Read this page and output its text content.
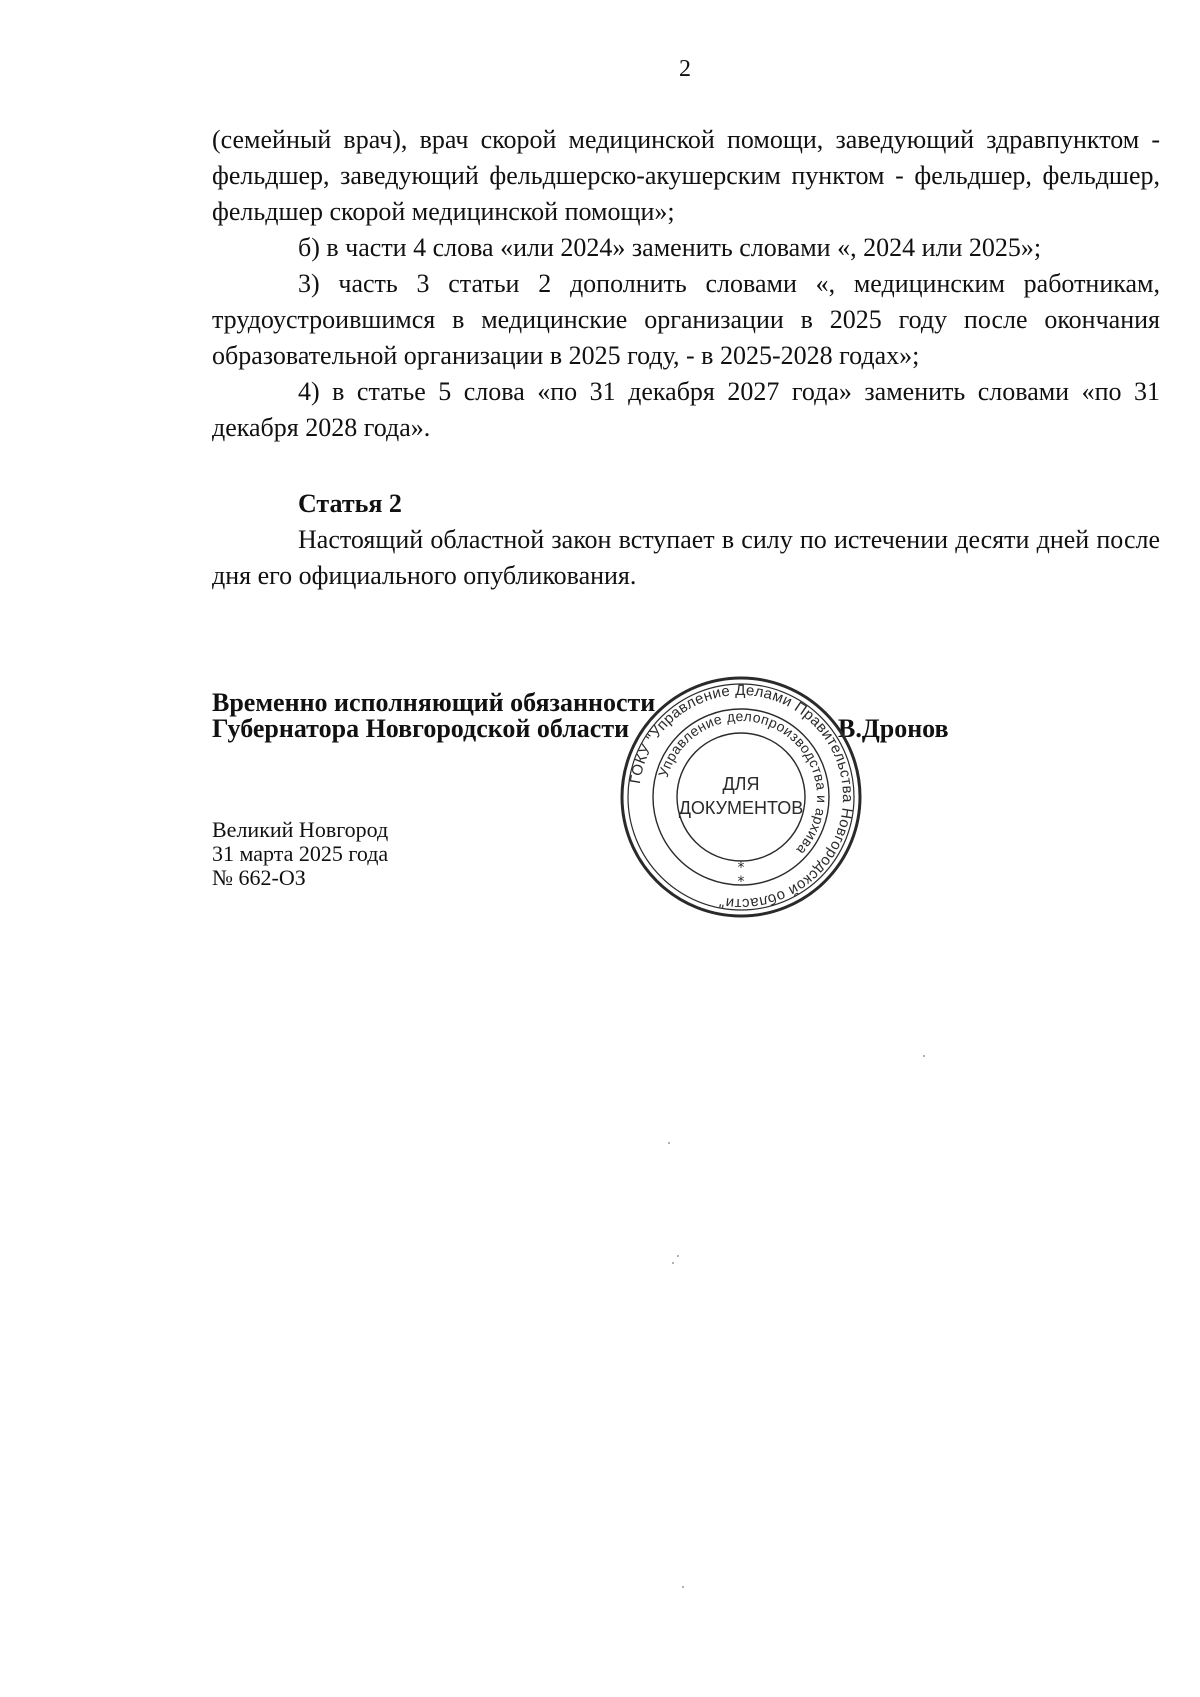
2

(семейный врач), врач скорой медицинской помощи, заведующий здравпунктом - фельдшер, заведующий фельдшерско-акушерским пунктом - фельдшер, фельдшер, фельдшер скорой медицинской помощи»;

б) в части 4 слова «или 2024» заменить словами «, 2024 или 2025»;

3) часть 3 статьи 2 дополнить словами «, медицинским работникам, трудоустроившимся в медицинские организации в 2025 году после окончания образовательной организации в 2025 году, - в 2025-2028 годах»;

4) в статье 5 слова «по 31 декабря 2027 года» заменить словами «по 31 декабря 2028 года».

Статья 2

Настоящий областной закон вступает в силу по истечении десяти дней после дня его официального опубликования.

Временно исполняющий обязанности
Губернатора Новгородской области	В.Дронов
Великий Новгород
31 марта 2025 года
№ 662-ОЗ
ГОКУ "Управление Делами Правительства Новгородской области"
Управление делопроизводства и архива
ДЛЯ
ДОКУМЕНТОВ
*
*
